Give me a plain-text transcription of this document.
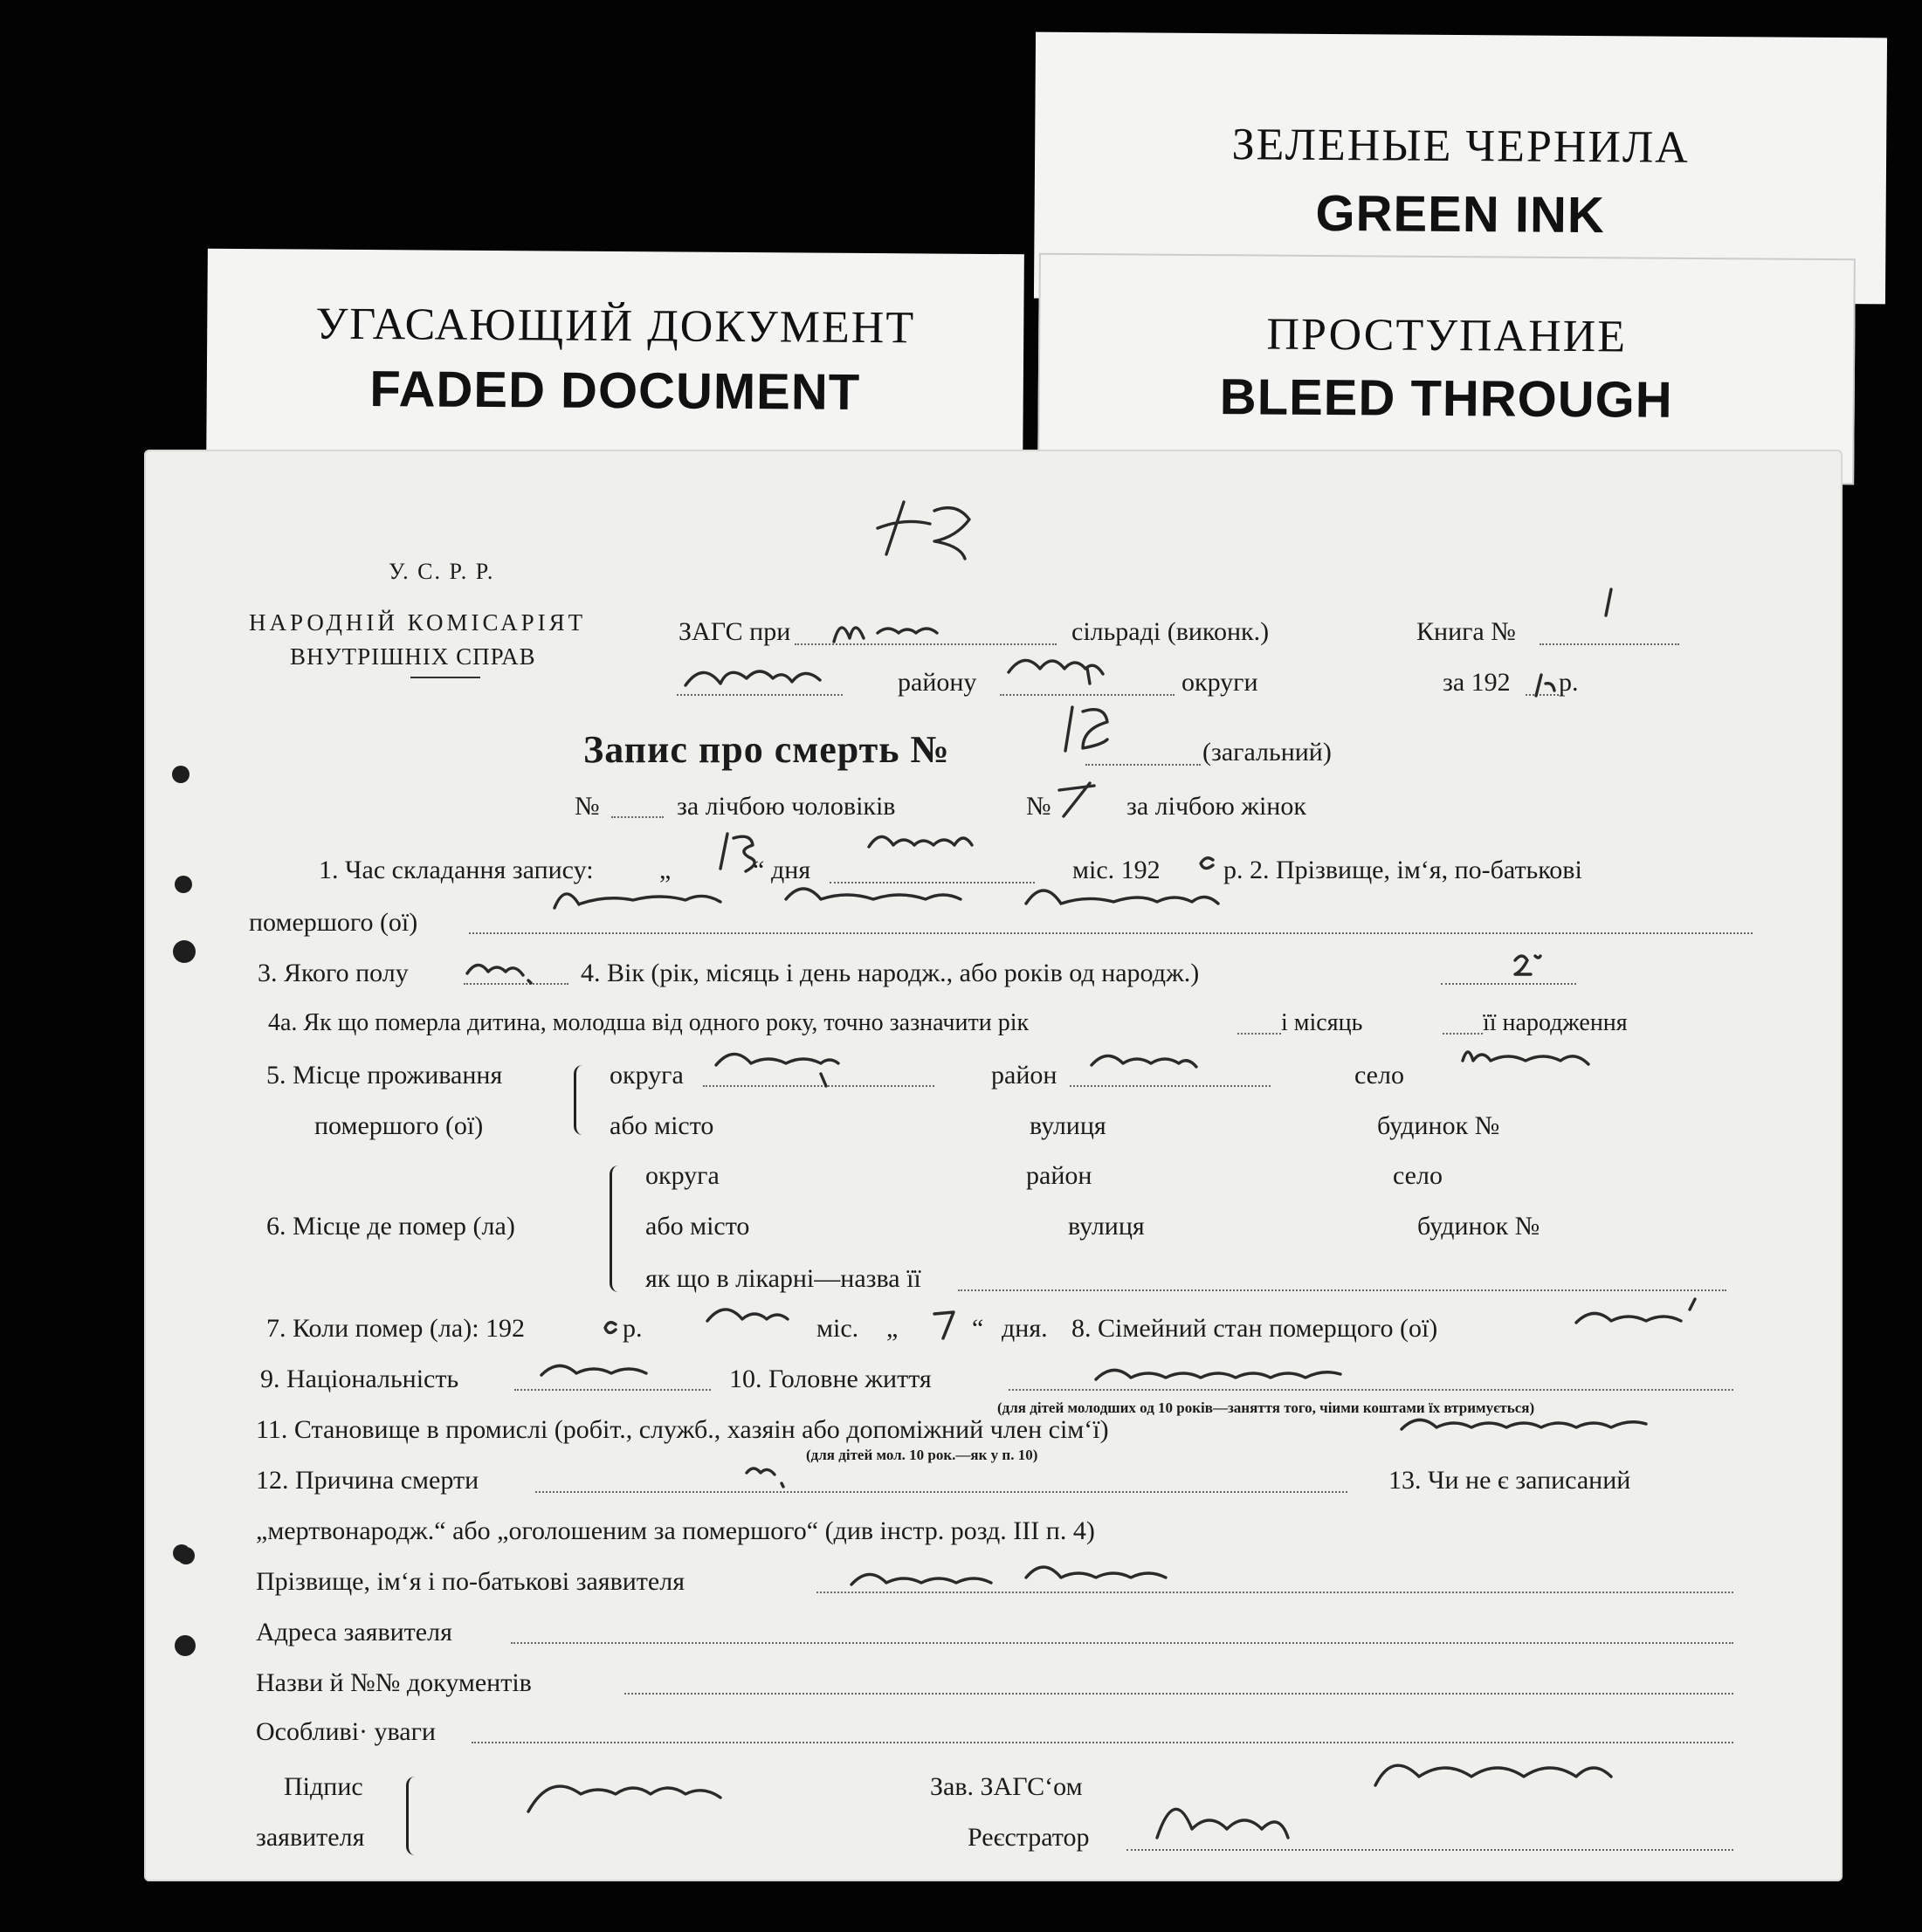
ЗЕЛЕНЫЕ ЧЕРНИЛА
GREEN INK
УГАСАЮЩИЙ ДОКУМЕНТ
FADED DOCUMENT
ПРОСТУПАНИЕ
BLEED THROUGH
У. С. Р. Р.
НАРОДНІЙ КОМІСАРІЯТ
ВНУТРІШНІХ СПРАВ
ЗАГС при	сільраді (виконк.)	Книга №
району	округи	за 192 р.
Запис про смерть №	(загальний)
№	за лічбою чоловіків	№	за лічбою жінок
1. Час складання запису:	„	“ дня	міс. 192 р. 2. Прізвище, ім‘я, по-батькові
помершого (ої)
3. Якого полу	4. Вік (рік, місяць і день народж., або років од народж.)
4а. Як що померла дитина, молодша від одного року, точно зазначити рік	і місяць	її народження
5. Місце проживання
помершого (ої)
округа	район	село
або місто	вулиця	будинок №
округа	район	село
6. Місце де помер (ла)	або місто	вулиця	будинок №
як що в лікарні—назва її
7. Коли помер (ла): 192	р.	міс. „	“ дня. 8. Сімейний стан померщого (ої)
9. Національність	10. Головне життя
(для дітей молодших од 10 років—заняття того, чіими коштами їх втримується)
11. Становище в промислі (робіт., служб., хазяін або допоміжний член сім‘ї)
(для дітей мол. 10 рок.—як у п. 10)
12. Причина смерти	13. Чи не є записаний
„мертвонародж.“ або „оголошеним за помершого“ (див інстр. розд. III п. 4)
Прізвище, ім‘я і по-батькові заявителя
Адреса заявителя
Назви й №№ документів
Особливі· уваги
Підпис
заявителя
Зав. ЗАГС‘ом
Реєстратор
